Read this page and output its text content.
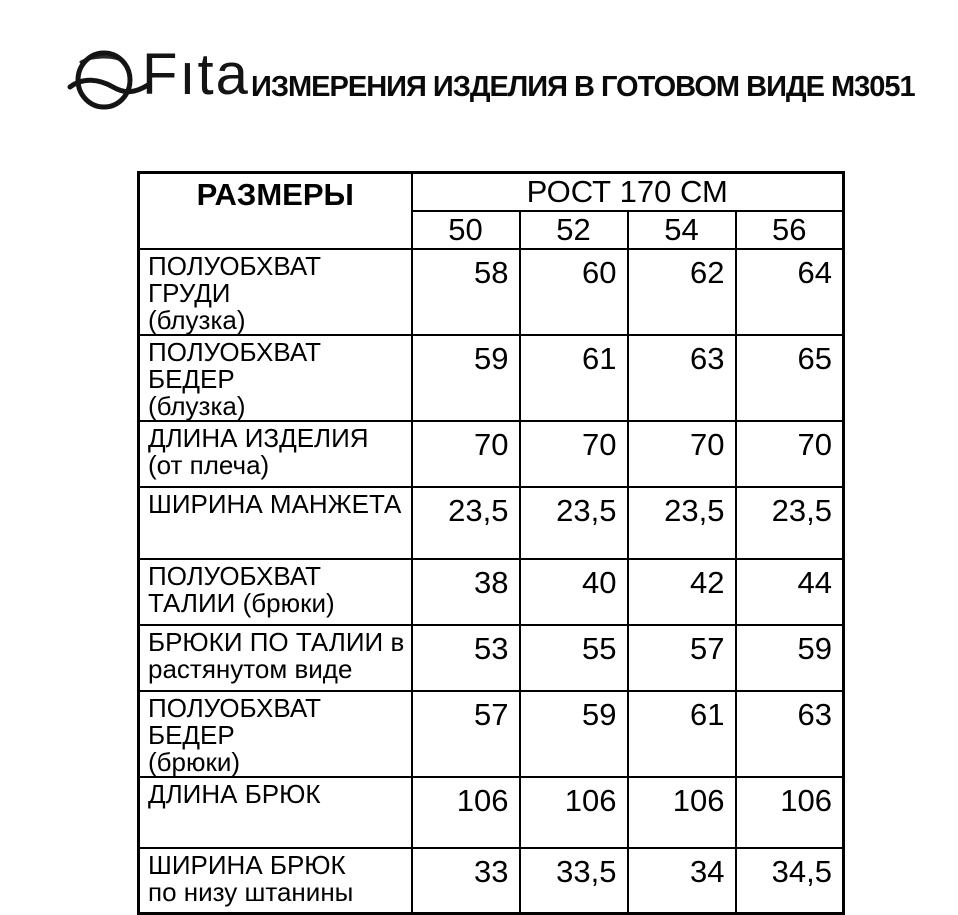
Fıta ИЗМЕРЕНИЯ ИЗДЕЛИЯ В ГОТОВОМ ВИДЕ М3051
РАЗМЕРЫ	РОСТ 170 СМ			
	50	52	54	56

ПОЛУОБХВАТ ГРУДИ
(блузка)	58	60	62	64

ПОЛУОБХВАТ БЕДЕР
(блузка)	59	61	63	65

ДЛИНА ИЗДЕЛИЯ
(от плеча)	70	70	70	70

ШИРИНА МАНЖЕТА	23,5	23,5	23,5	23,5

ПОЛУОБХВАТ
ТАЛИИ (брюки)	38	40	42	44

БРЮКИ ПО ТАЛИИ в
растянутом виде	53	55	57	59

ПОЛУОБХВАТ БЕДЕР
(брюки)	57	59	61	63

ДЛИНА БРЮК	106	106	106	106

ШИРИНА БРЮК
по низу штанины	33	33,5	34	34,5
